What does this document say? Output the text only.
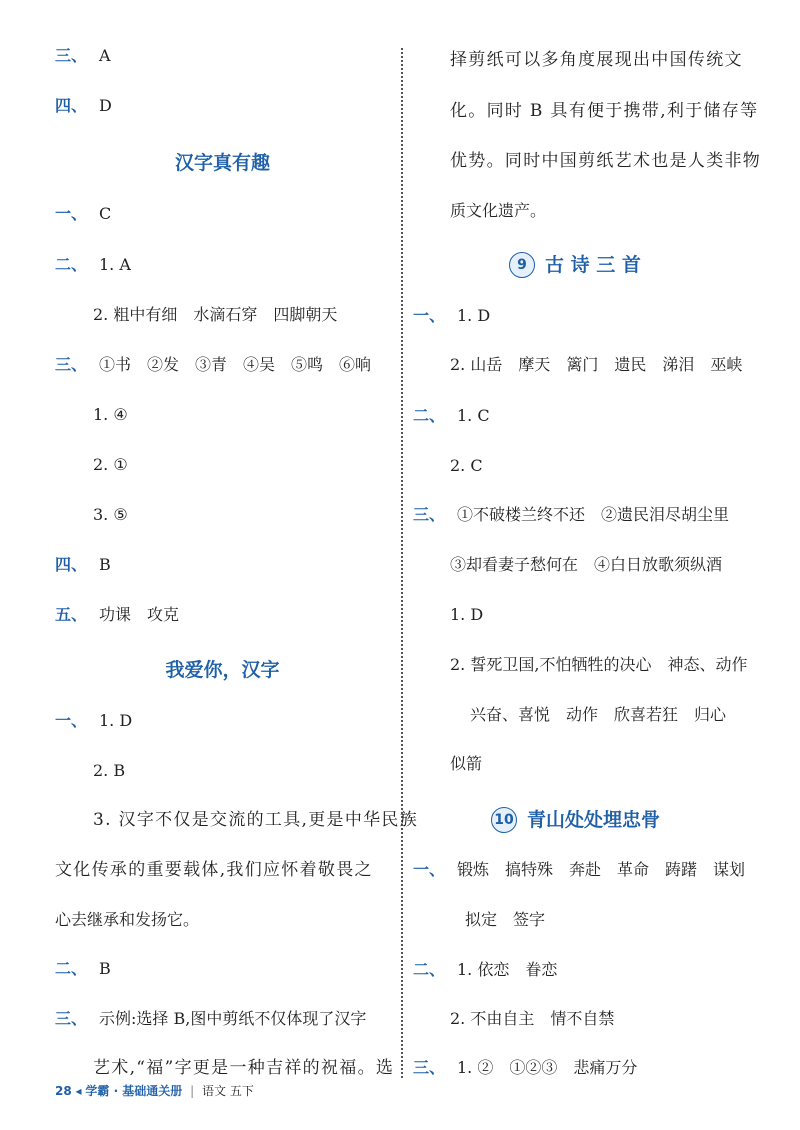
三、 A
四、 D
汉字真有趣
一、 C
二、 1. A
2. 粗中有细　水滴石穿　四脚朝天
三、 ①书　②发　③青　④吴　⑤鸣　⑥响
1. ④
2. ①
3. ⑤
四、 B
五、 功课　攻克
我爱你，汉字
一、 1. D
2. B
3. 汉字不仅是交流的工具,更是中华民族
文化传承的重要载体,我们应怀着敬畏之
心去继承和发扬它。
二、 B
三、 示例:选择 B,图中剪纸不仅体现了汉字
艺术,“福”字更是一种吉祥的祝福。选
择剪纸可以多角度展现出中国传统文
化。同时 B 具有便于携带,利于储存等
优势。同时中国剪纸艺术也是人类非物
质文化遗产。
9 古 诗 三 首
一、 1. D
2. 山岳　摩天　篱门　遗民　涕泪　巫峡
二、 1. C
2. C
三、 ①不破楼兰终不还　②遗民泪尽胡尘里
③却看妻子愁何在　④白日放歌须纵酒
1. D
2. 誓死卫国,不怕牺牲的决心　神态、动作
兴奋、喜悦　动作　欣喜若狂　归心
似箭
10 青山处处埋忠骨
一、 锻炼　搞特殊　奔赴　革命　踌躇　谋划
拟定　签字
二、 1. 依恋　眷恋
2. 不由自主　情不自禁
三、 1. ②　①②③　悲痛万分
28 ◂ 学霸 · 基础通关册 | 语文 五下
